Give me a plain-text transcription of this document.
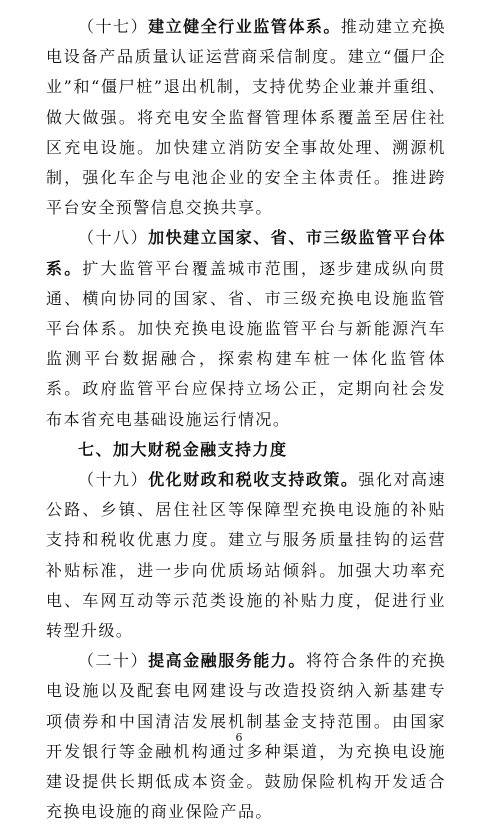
（十七）建立健全行业监管体系。推动建立充换电设备产品质量认证运营商采信制度。建立“僵尸企业”和“僵尸桩”退出机制，支持优势企业兼并重组、做大做强。将充电安全监督管理体系覆盖至居住社区充电设施。加快建立消防安全事故处理、溯源机制，强化车企与电池企业的安全主体责任。推进跨平台安全预警信息交换共享。

（十八）加快建立国家、省、市三级监管平台体系。扩大监管平台覆盖城市范围，逐步建成纵向贯通、横向协同的国家、省、市三级充换电设施监管平台体系。加快充换电设施监管平台与新能源汽车监测平台数据融合，探索构建车桩一体化监管体系。政府监管平台应保持立场公正，定期向社会发布本省充电基础设施运行情况。

七、加大财税金融支持力度

（十九）优化财政和税收支持政策。强化对高速公路、乡镇、居住社区等保障型充换电设施的补贴支持和税收优惠力度。建立与服务质量挂钩的运营补贴标准，进一步向优质场站倾斜。加强大功率充电、车网互动等示范类设施的补贴力度，促进行业转型升级。

（二十）提高金融服务能力。将符合条件的充换电设施以及配套电网建设与改造投资纳入新基建专项债券和中国清洁发展机制基金支持范围。由国家开发银行等金融机构通过多种渠道，为充换电设施建设提供长期低成本资金。鼓励保险机构开发适合充换电设施的商业保险产品。

6
